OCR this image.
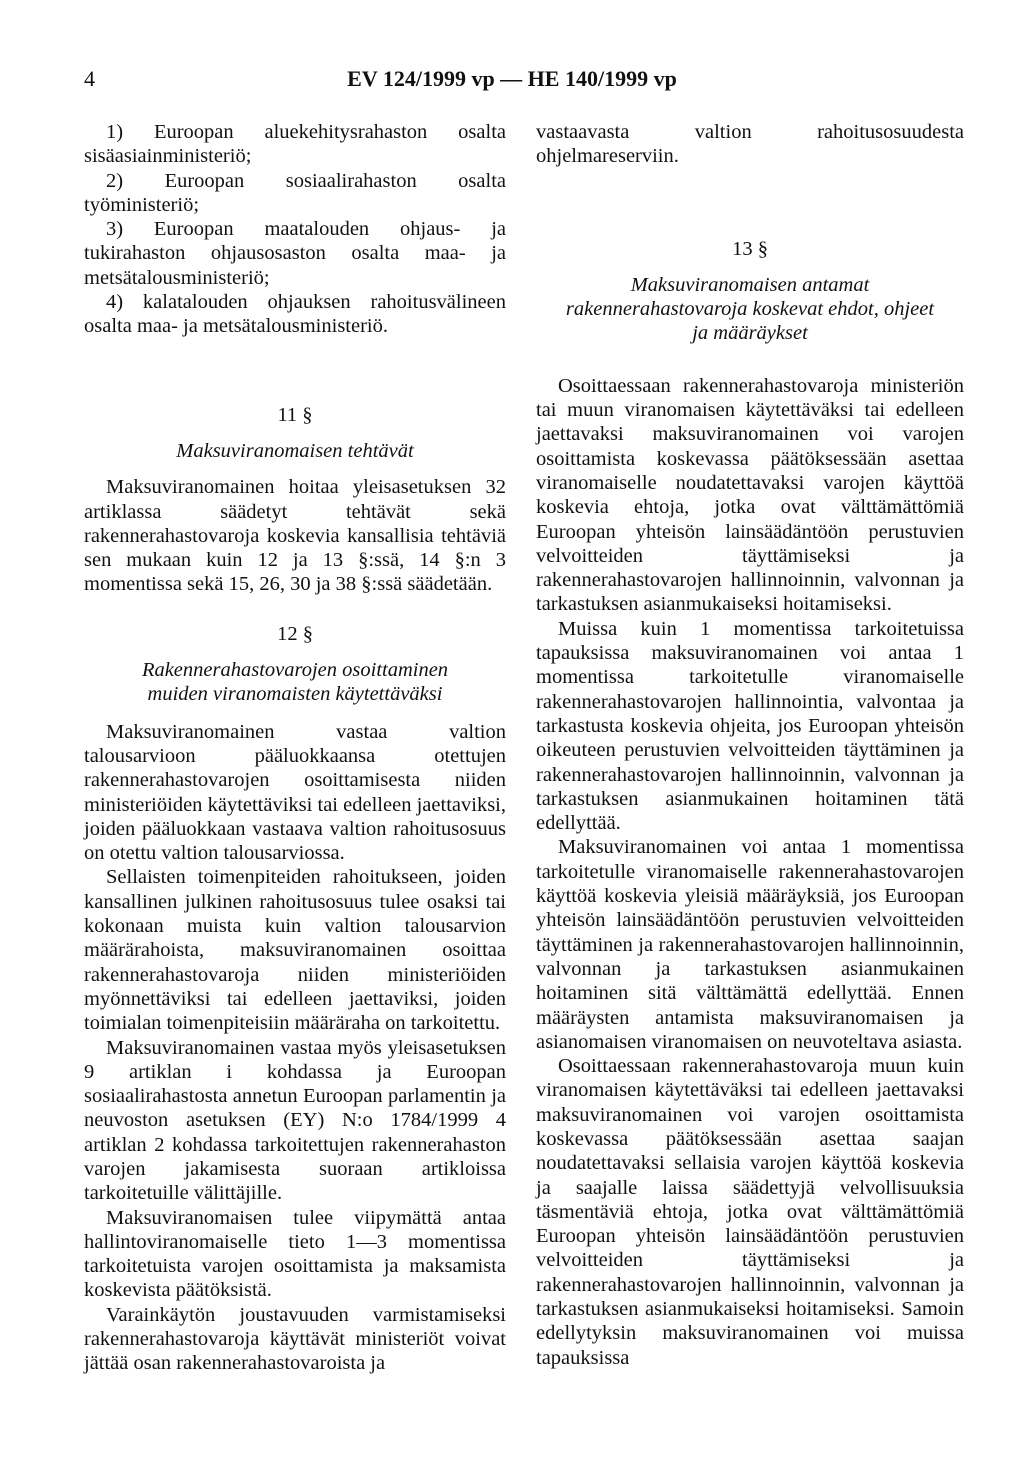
4	EV 124/1999 vp — HE 140/1999 vp

1) Euroopan aluekehitysrahaston osalta sisäasiainministeriö;

2) Euroopan sosiaalirahaston osalta työministeriö;

3) Euroopan maatalouden ohjaus- ja tukirahaston ohjausosaston osalta maa- ja metsätalousministeriö;

4) kalatalouden ohjauksen rahoitusvälineen osalta maa- ja metsätalousministeriö.

11 §

Maksuviranomaisen tehtävät

Maksuviranomainen hoitaa yleisasetuksen 32 artiklassa säädetyt tehtävät sekä rakennerahastovaroja koskevia kansallisia tehtäviä sen mukaan kuin 12 ja 13 §:ssä, 14 §:n 3 momentissa sekä 15, 26, 30 ja 38 §:ssä säädetään.

12 §

Rakennerahastovarojen osoittaminen

muiden viranomaisten käytettäväksi

Maksuviranomainen vastaa valtion talousarvioon pääluokkaansa otettujen rakennerahastovarojen osoittamisesta niiden ministeriöiden käytettäviksi tai edelleen jaettaviksi, joiden pääluokkaan vastaava valtion rahoitusosuus on otettu valtion talousarviossa.

Sellaisten toimenpiteiden rahoitukseen, joiden kansallinen julkinen rahoitusosuus tulee osaksi tai kokonaan muista kuin valtion talousarvion määrärahoista, maksuviranomainen osoittaa rakennerahastovaroja niiden ministeriöiden myönnettäviksi tai edelleen jaettaviksi, joiden toimialan toimenpiteisiin määräraha on tarkoitettu.

Maksuviranomainen vastaa myös yleisasetuksen 9 artiklan i kohdassa ja Euroopan sosiaalirahastosta annetun Euroopan parlamentin ja neuvoston asetuksen (EY) N:o 1784/1999 4 artiklan 2 kohdassa tarkoitettujen rakennerahaston varojen jakamisesta suoraan artikloissa tarkoitetuille välittäjille.

Maksuviranomaisen tulee viipymättä antaa hallintoviranomaiselle tieto 1—3 momentissa tarkoitetuista varojen osoittamista ja maksamista koskevista päätöksistä.

Varainkäytön joustavuuden varmistamiseksi rakennerahastovaroja käyttävät ministeriöt voivat jättää osan rakennerahastovaroista ja

vastaavasta valtion rahoitusosuudesta ohjelmareserviin.

13 §

Maksuviranomaisen antamat

rakennerahastovaroja koskevat ehdot, ohjeet

ja määräykset

Osoittaessaan rakennerahastovaroja ministeriön tai muun viranomaisen käytettäväksi tai edelleen jaettavaksi maksuviranomainen voi varojen osoittamista koskevassa päätöksessään asettaa viranomaiselle noudatettavaksi varojen käyttöä koskevia ehtoja, jotka ovat välttämättömiä Euroopan yhteisön lainsäädäntöön perustuvien velvoitteiden täyttämiseksi ja rakennerahastovarojen hallinnoinnin, valvonnan ja tarkastuksen asianmukaiseksi hoitamiseksi.

Muissa kuin 1 momentissa tarkoitetuissa tapauksissa maksuviranomainen voi antaa 1 momentissa tarkoitetulle viranomaiselle rakennerahastovarojen hallinnointia, valvontaa ja tarkastusta koskevia ohjeita, jos Euroopan yhteisön oikeuteen perustuvien velvoitteiden täyttäminen ja rakennerahastovarojen hallinnoinnin, valvonnan ja tarkastuksen asianmukainen hoitaminen tätä edellyttää.

Maksuviranomainen voi antaa 1 momentissa tarkoitetulle viranomaiselle rakennerahastovarojen käyttöä koskevia yleisiä määräyksiä, jos Euroopan yhteisön lainsäädäntöön perustuvien velvoitteiden täyttäminen ja rakennerahastovarojen hallinnoinnin, valvonnan ja tarkastuksen asianmukainen hoitaminen sitä välttämättä edellyttää. Ennen määräysten antamista maksuviranomaisen ja asianomaisen viranomaisen on neuvoteltava asiasta.

Osoittaessaan rakennerahastovaroja muun kuin viranomaisen käytettäväksi tai edelleen jaettavaksi maksuviranomainen voi varojen osoittamista koskevassa päätöksessään asettaa saajan noudatettavaksi sellaisia varojen käyttöä koskevia ja saajalle laissa säädettyjä velvollisuuksia täsmentäviä ehtoja, jotka ovat välttämättömiä Euroopan yhteisön lainsäädäntöön perustuvien velvoitteiden täyttämiseksi ja rakennerahastovarojen hallinnoinnin, valvonnan ja tarkastuksen asianmukaiseksi hoitamiseksi. Samoin edellytyksin maksuviranomainen voi muissa tapauksissa
